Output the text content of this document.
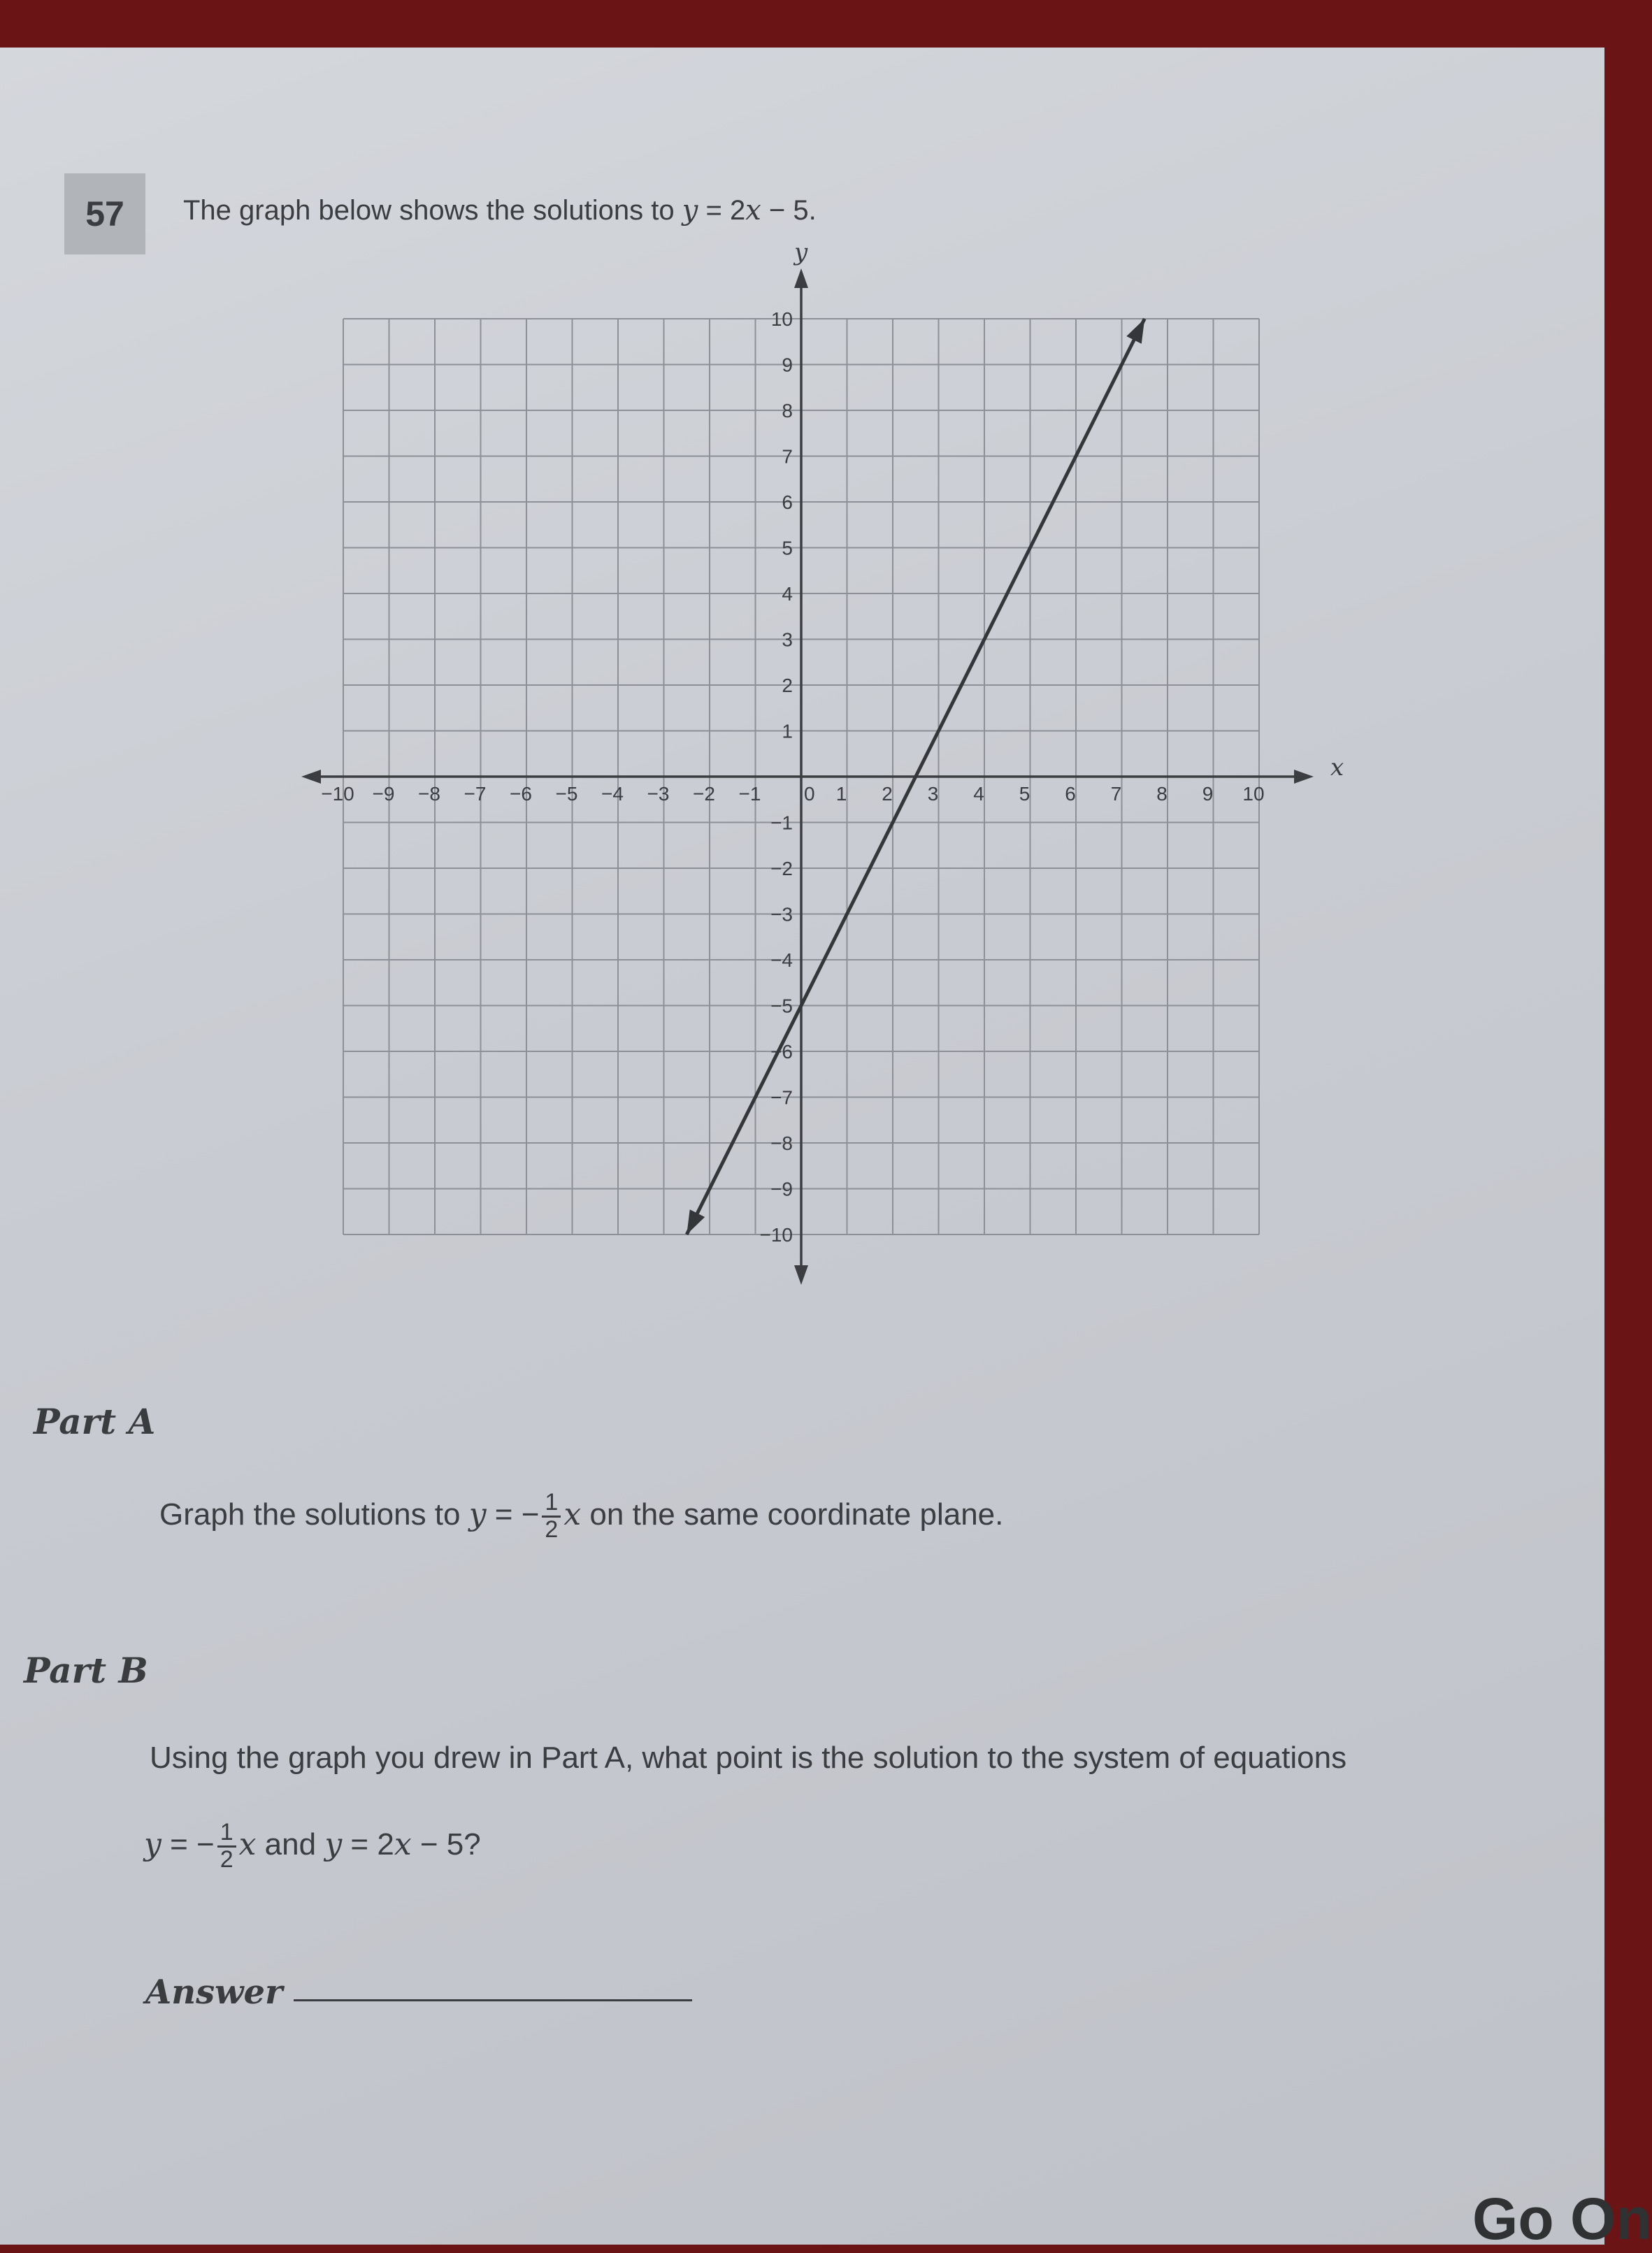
57	The graph below shows the solutions to y = 2x − 5.
x
y
−10 −9 −8 −7 −6 −5 −4 −3 −2 −1 0 1 2 3 4 5 6 7 8 9 10
10
9
8
7
6
5
4
3
2
1
−1
−2
−3
−4
−5
−6
−7
−8
−9
−10
Part A
Graph the solutions to y = − $\frac{1}{2}$ x on the same coordinate plane.
Part B
Using the graph you drew in Part A, what point is the solution to the system of equations
y = − $\frac{1}{2}$ x and y = 2x − 5?
Answer
Go On
